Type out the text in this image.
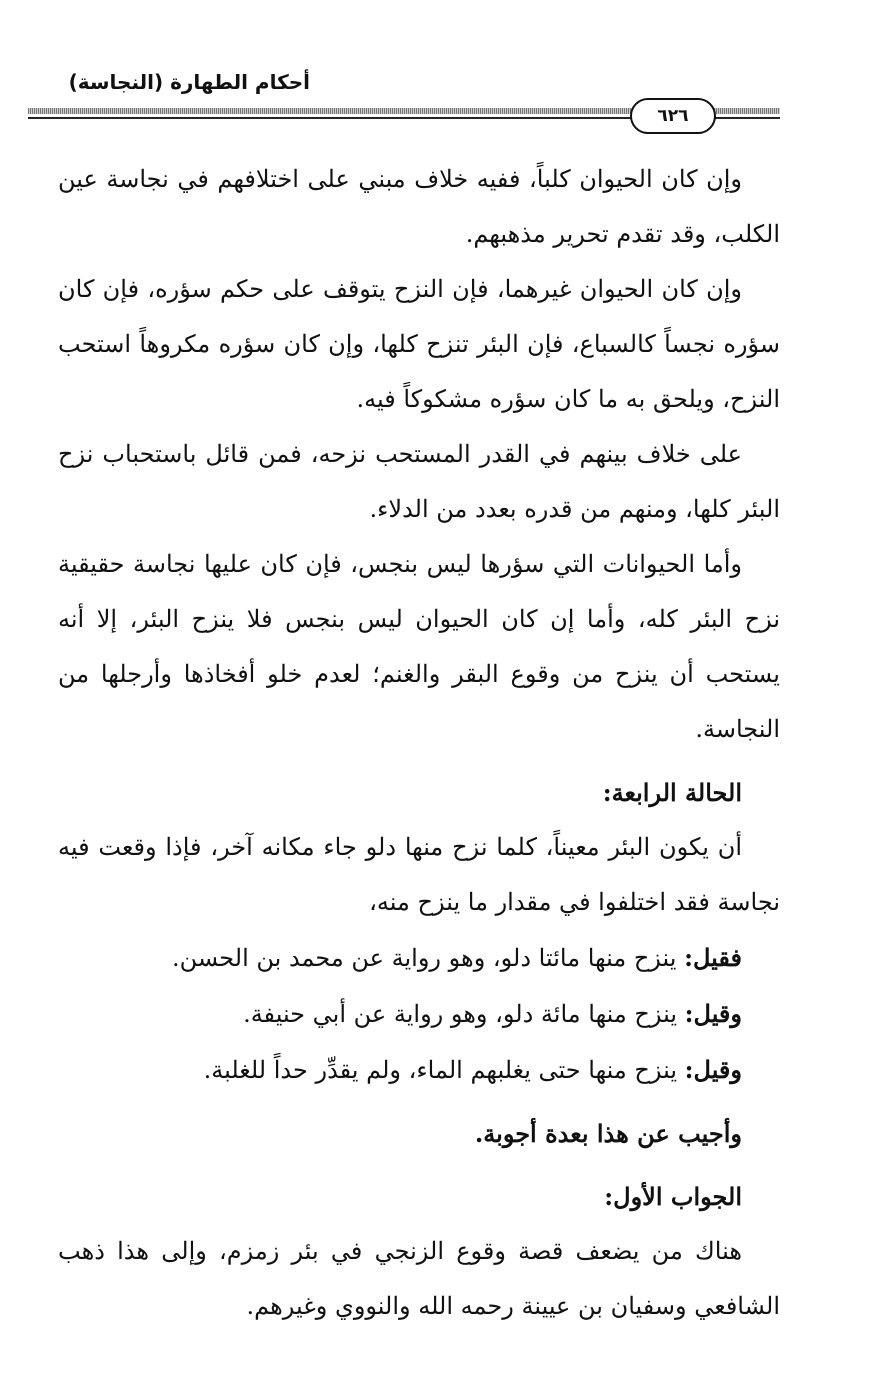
أحكام الطهارة (النجاسة)
٦٢٦

وإن كان الحيوان كلباً، ففيه خلاف مبني على اختلافهم في نجاسة عين الكلب، وقد تقدم تحرير مذهبهم.

وإن كان الحيوان غيرهما، فإن النزح يتوقف على حكم سؤره، فإن كان سؤره نجساً كالسباع، فإن البئر تنزح كلها، وإن كان سؤره مكروهاً استحب النزح، ويلحق به ما كان سؤره مشكوكاً فيه.

على خلاف بينهم في القدر المستحب نزحه، فمن قائل باستحباب نزح البئر كلها، ومنهم من قدره بعدد من الدلاء.

وأما الحيوانات التي سؤرها ليس بنجس، فإن كان عليها نجاسة حقيقية نزح البئر كله، وأما إن كان الحيوان ليس بنجس فلا ينزح البئر، إلا أنه يستحب أن ينزح من وقوع البقر والغنم؛ لعدم خلو أفخاذها وأرجلها من النجاسة.

الحالة الرابعة:

أن يكون البئر معيناً، كلما نزح منها دلو جاء مكانه آخر، فإذا وقعت فيه نجاسة فقد اختلفوا في مقدار ما ينزح منه،

فقيل: ينزح منها مائتا دلو، وهو رواية عن محمد بن الحسن.

وقيل: ينزح منها مائة دلو، وهو رواية عن أبي حنيفة.

وقيل: ينزح منها حتى يغلبهم الماء، ولم يقدِّر حداً للغلبة.

وأجيب عن هذا بعدة أجوبة.

الجواب الأول:

هناك من يضعف قصة وقوع الزنجي في بئر زمزم، وإلى هذا ذهب الشافعي وسفيان بن عيينة رحمه الله والنووي وغيرهم.
